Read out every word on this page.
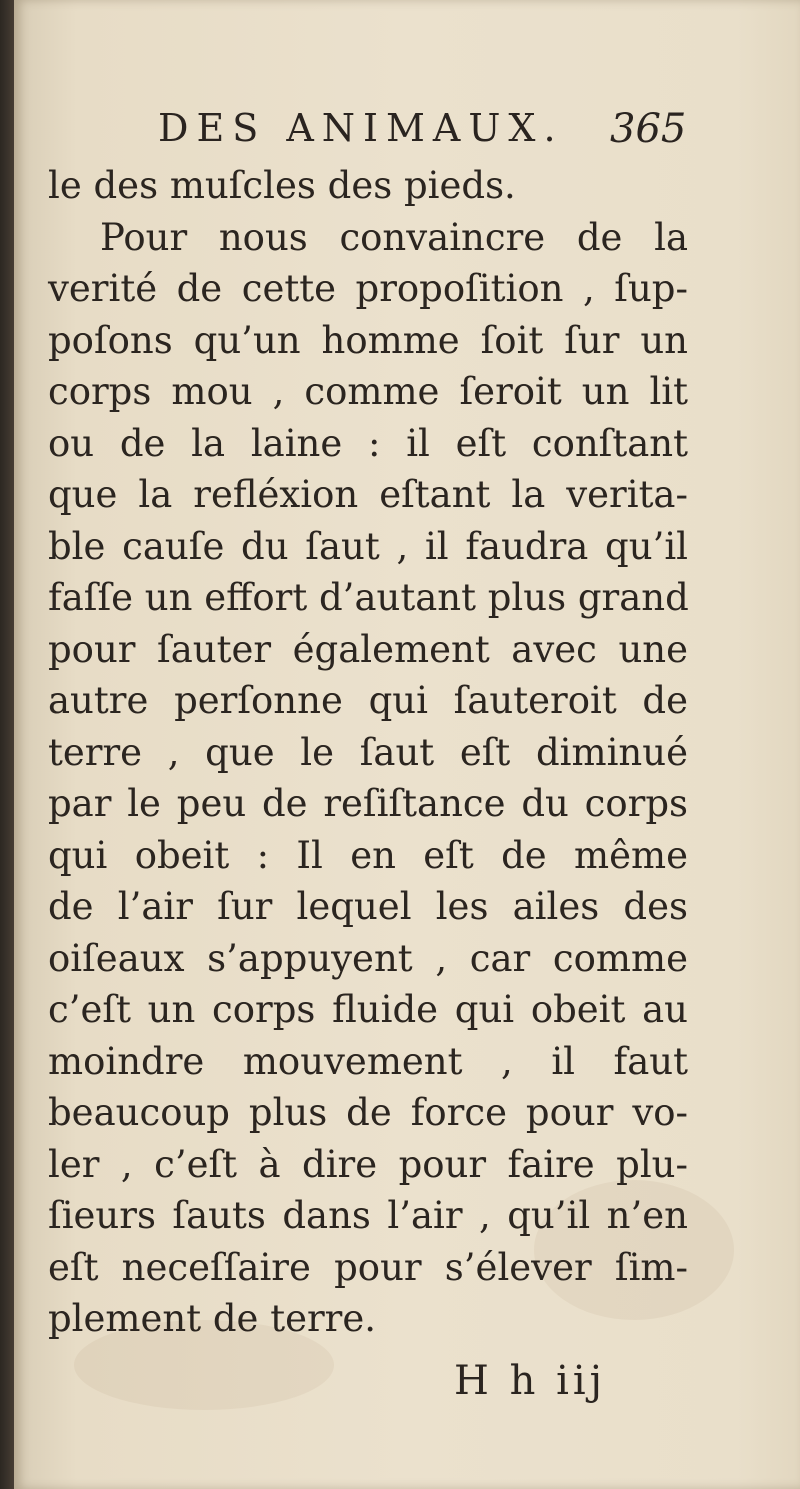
DES ANIMAUX. 365
le des muſcles des pieds.
Pour nous convaincre de la
verité de cette propoſition , ſup-
poſons qu’un homme ſoit ſur un
corps mou , comme ſeroit un lit
ou de la laine : il eſt conſtant
que la refléxion eſtant la verita-
ble cauſe du ſaut , il faudra qu’il
faſſe un effort d’autant plus grand
pour ſauter également avec une
autre perſonne qui ſauteroit de
terre , que le ſaut eſt diminué
par le peu de reſiſtance du corps
qui obeit : Il en eſt de même
de l’air ſur lequel les ailes des
oiſeaux s’appuyent , car comme
c’eſt un corps fluide qui obeit au
moindre mouvement , il faut
beaucoup plus de force pour vo-
ler , c’eſt à dire pour faire plu-
ſieurs ſauts dans l’air , qu’il n’en
eſt neceſſaire pour s’élever ſim-
plement de terre.
H h iij
